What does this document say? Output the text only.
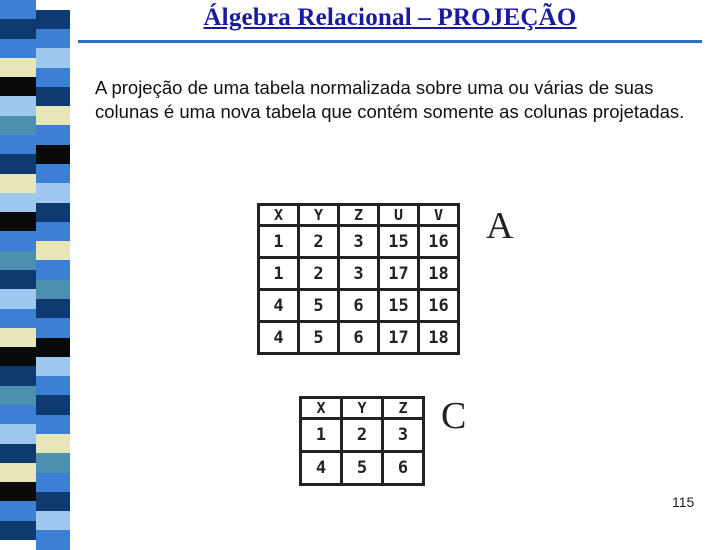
Álgebra Relacional – PROJEÇÃO
A projeção de uma tabela normalizada sobre uma ou várias de suas colunas é uma nova tabela que contém somente as colunas projetadas.
X	Y	Z	U	V
1	2	3	15	16
1	2	3	17	18
4	5	6	15	16
4	5	6	17	18
A
X	Y	Z
1	2	3
4	5	6
C
115
